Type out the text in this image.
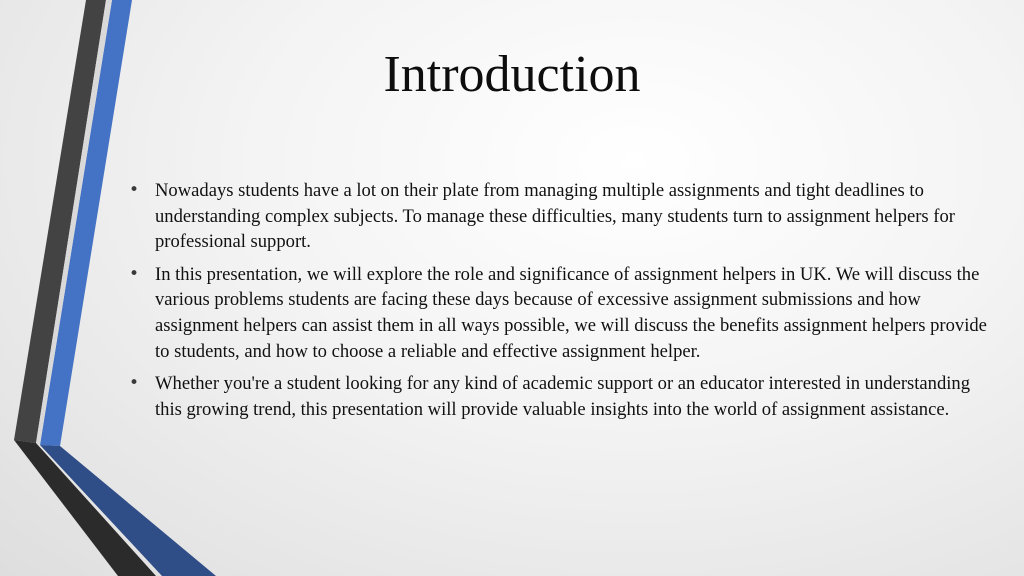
Introduction
• Nowadays students have a lot on their plate from managing multiple assignments and tight deadlines to understanding complex subjects. To manage these difficulties, many students turn to assignment helpers for professional support.
• In this presentation, we will explore the role and significance of assignment helpers in UK. We will discuss the various problems students are facing these days because of excessive assignment submissions and how assignment helpers can assist them in all ways possible, we will discuss the benefits assignment helpers provide to students, and how to choose a reliable and effective assignment helper.
• Whether you're a student looking for any kind of academic support or an educator interested in understanding this growing trend, this presentation will provide valuable insights into the world of assignment assistance.
